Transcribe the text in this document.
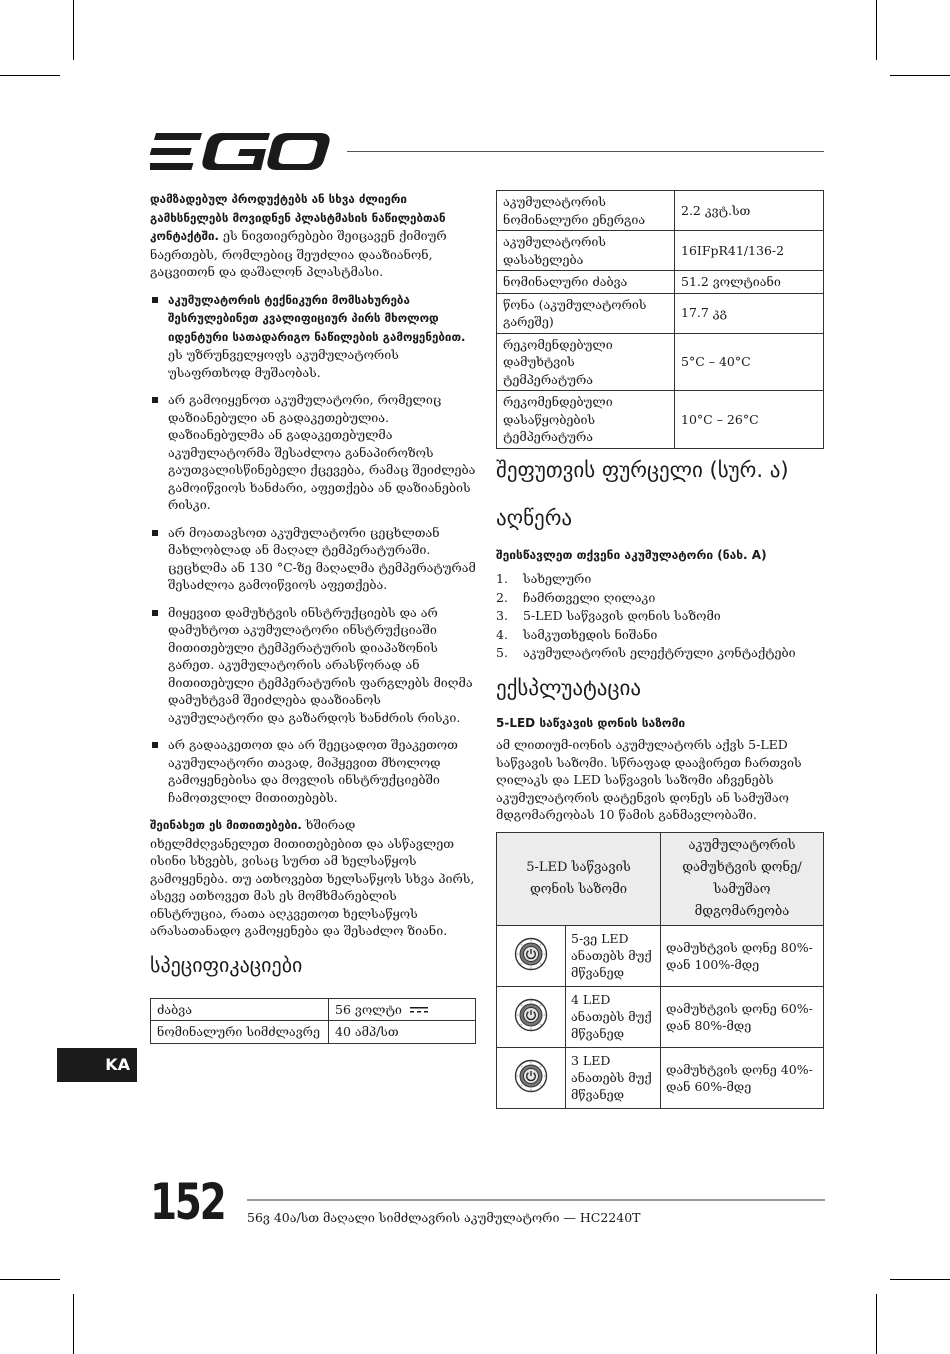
დამზადებულ პროდუქტებს ან სხვა ძლიერი გამხსნელებს მოვიდნენ პლასტმასის ნაწილებთან კონტაქტში. ეს ნივთიერებები შეიცავენ ქიმიურ ნაერთებს, რომლებიც შეუძლია დააზიანონ, გაცვითონ და დაშალონ პლასტმასი.

აკუმულატორის ტექნიკური მომსახურება შესრულებინეთ კვალიფიციურ პირს მხოლოდ იდენტური სათადარიგო ნაწილების გამოყენებით. ეს უზრუნველყოფს აკუმულატორის უსაფრთხოდ მუშაობას.
არ გამოიყენოთ აკუმულატორი, რომელიც დაზიანებული ან გადაკეთებულია. დაზიანებულმა ან გადაკეთებულმა აკუმულატორმა შესაძლოა განაპიროზოს გაუთვალისწინებელი ქცევება, რამაც შეიძლება გამოიწვიოს ხანძარი, აფეთქება ან დაზიანების რისკი.
არ მოათავსოთ აკუმულატორი ცეცხლთან მახლობლად ან მაღალ ტემპერატურაში. ცეცხლმა ან 130 °C-ზე მაღალმა ტემპერატურამ შესაძლოა გამოიწვიოს აფეთქება.
მიყევით დამუხტვის ინსტრუქციებს და არ დამუხტოთ აკუმულატორი ინსტრუქციაში მითითებული ტემპერატურის დიაპაზონის გარეთ. აკუმულატორის არასწორად ან მითითებული ტემპერატურის ფარგლებს მიღმა დამუხტვამ შეიძლება დააზიანოს აკუმულატორი და გაზარდოს ხანძრის რისკი.
არ გადააკეთოთ და არ შეეცადოთ შეაკეთოთ აკუმულატორი თავად, მიჰყევით მხოლოდ გამოყენებისა და მოვლის ინსტრუქციებში ჩამოთვლილ მითითებებს.

შეინახეთ ეს მითითებები. ხშირად იხელმძღვანელეთ მითითებებით და ასწავლეთ ისინი სხვებს, ვისაც სურთ ამ ხელსაწყოს გამოყენება. თუ ათხოვებთ ხელსაწყოს სხვა პირს, ასევე ათხოვეთ მას ეს მომხმარებლის ინსტრუცია, რათა აღკვეთოთ ხელსაწყოს არასათანადო გამოყენება და შესაძლო ზიანი.

სპეციფიკაციები
ძაბვა	56 ვოლტი
ნომინალური სიმძლავრე	40 ამპ/სთ
აკუმულატორის ნომინალური ენერგია	2.2 კვტ.სთ
აკუმულატორის დასახელება	16IFpR41/136-2
ნომინალური ძაბვა	51.2 ვოლტიანი
წონა (აკუმულატორის გარეშე)	17.7 კგ
რეკომენდებული დამუხტვის ტემპერატურა	5°C – 40°C
რეკომენდებული დასაწყობების ტემპერატურა	10°C – 26°C
შეფუთვის ფურცელი (სურ. ა)
აღწერა
შეისწავლეთ თქვენი აკუმულატორი (ნახ. A)
1.	სახელური
2.	ჩამრთველი ღილაკი
3.	5-LED საწვავის დონის საზომი
4.	სამკუთხედის ნიშანი
5.	აკუმულატორის ელექტრული კონტაქტები
ექსპლუატაცია
5-LED საწვავის დონის საზომი

ამ ლითიუმ-იონის აკუმულატორს აქვს 5-LED საწვავის საზომი. სწრაფად დააჭირეთ ჩართვის ღილაკს და LED საწვავის საზომი აჩვენებს აკუმულატორის დატენვის დონეს ან სამუშაო მდგომარეობას 10 წამის განმავლობაში.

5-LED საწვავის დონის საზომი		აკუმულატორის დამუხტვის დონე/სამუშაო მდგომარეობა
	5-ვე LED ანათებს მუქ მწვანედ	დამუხტვის დონე 80%-დან 100%-მდე
	4 LED ანათებს მუქ მწვანედ	დამუხტვის დონე 60%-დან 80%-მდე
	3 LED ანათებს მუქ მწვანედ	დამუხტვის დონე 40%-დან 60%-მდე
KA
152 56ვ 40ა/სთ მაღალი სიმძლავრის აკუმულატორი — HC2240T
